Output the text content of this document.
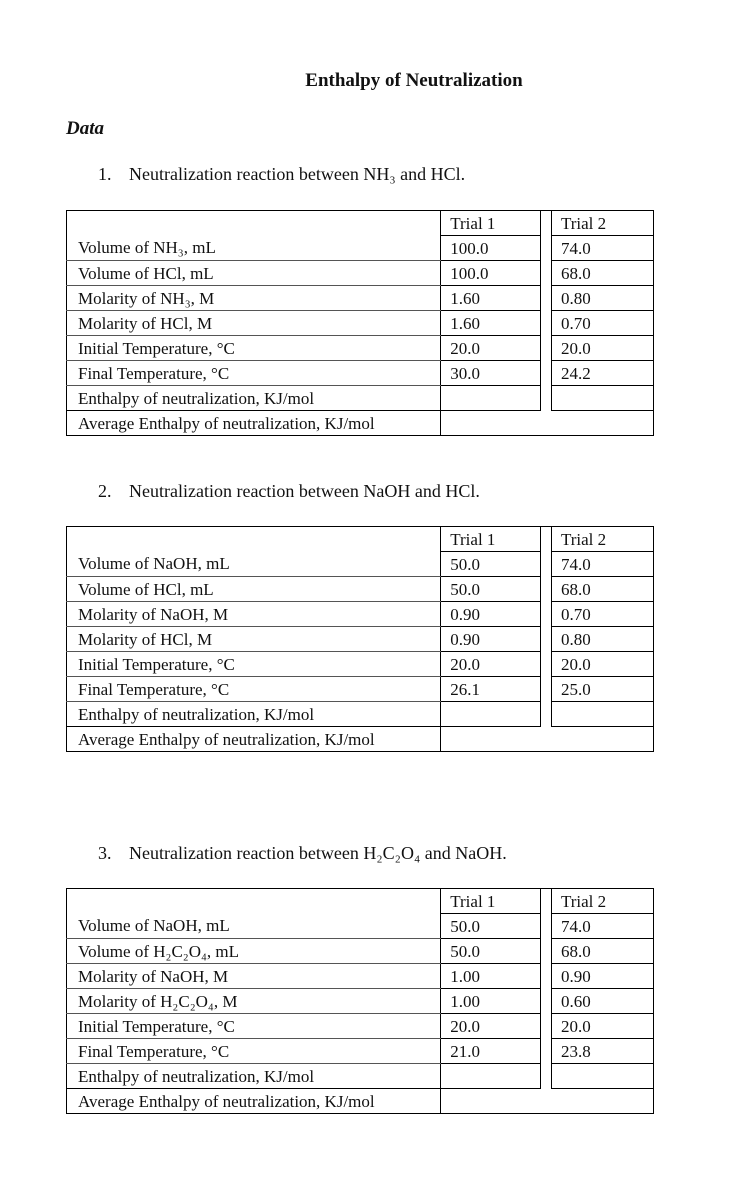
Enthalpy of Neutralization
Data
1. Neutralization reaction between NH₃ and HCl.
	Trial 1		Trial 2
Volume of NH₃, mL	100.0		74.0
Volume of HCl, mL	100.0		68.0
Molarity of NH₃, M	1.60		0.80
Molarity of HCl, M	1.60		0.70
Initial Temperature, °C	20.0		20.0
Final Temperature, °C	30.0		24.2
Enthalpy of neutralization, KJ/mol			
Average Enthalpy of neutralization, KJ/mol			
2. Neutralization reaction between NaOH and HCl.
	Trial 1		Trial 2
Volume of NaOH, mL	50.0		74.0
Volume of HCl, mL	50.0		68.0
Molarity of NaOH, M	0.90		0.70
Molarity of HCl, M	0.90		0.80
Initial Temperature, °C	20.0		20.0
Final Temperature, °C	26.1		25.0
Enthalpy of neutralization, KJ/mol			
Average Enthalpy of neutralization, KJ/mol			
3. Neutralization reaction between H₂C₂O₄ and NaOH.
	Trial 1		Trial 2
Volume of NaOH, mL	50.0		74.0
Volume of H₂C₂O₄, mL	50.0		68.0
Molarity of NaOH, M	1.00		0.90
Molarity of H₂C₂O₄, M	1.00		0.60
Initial Temperature, °C	20.0		20.0
Final Temperature, °C	21.0		23.8
Enthalpy of neutralization, KJ/mol			
Average Enthalpy of neutralization, KJ/mol			
